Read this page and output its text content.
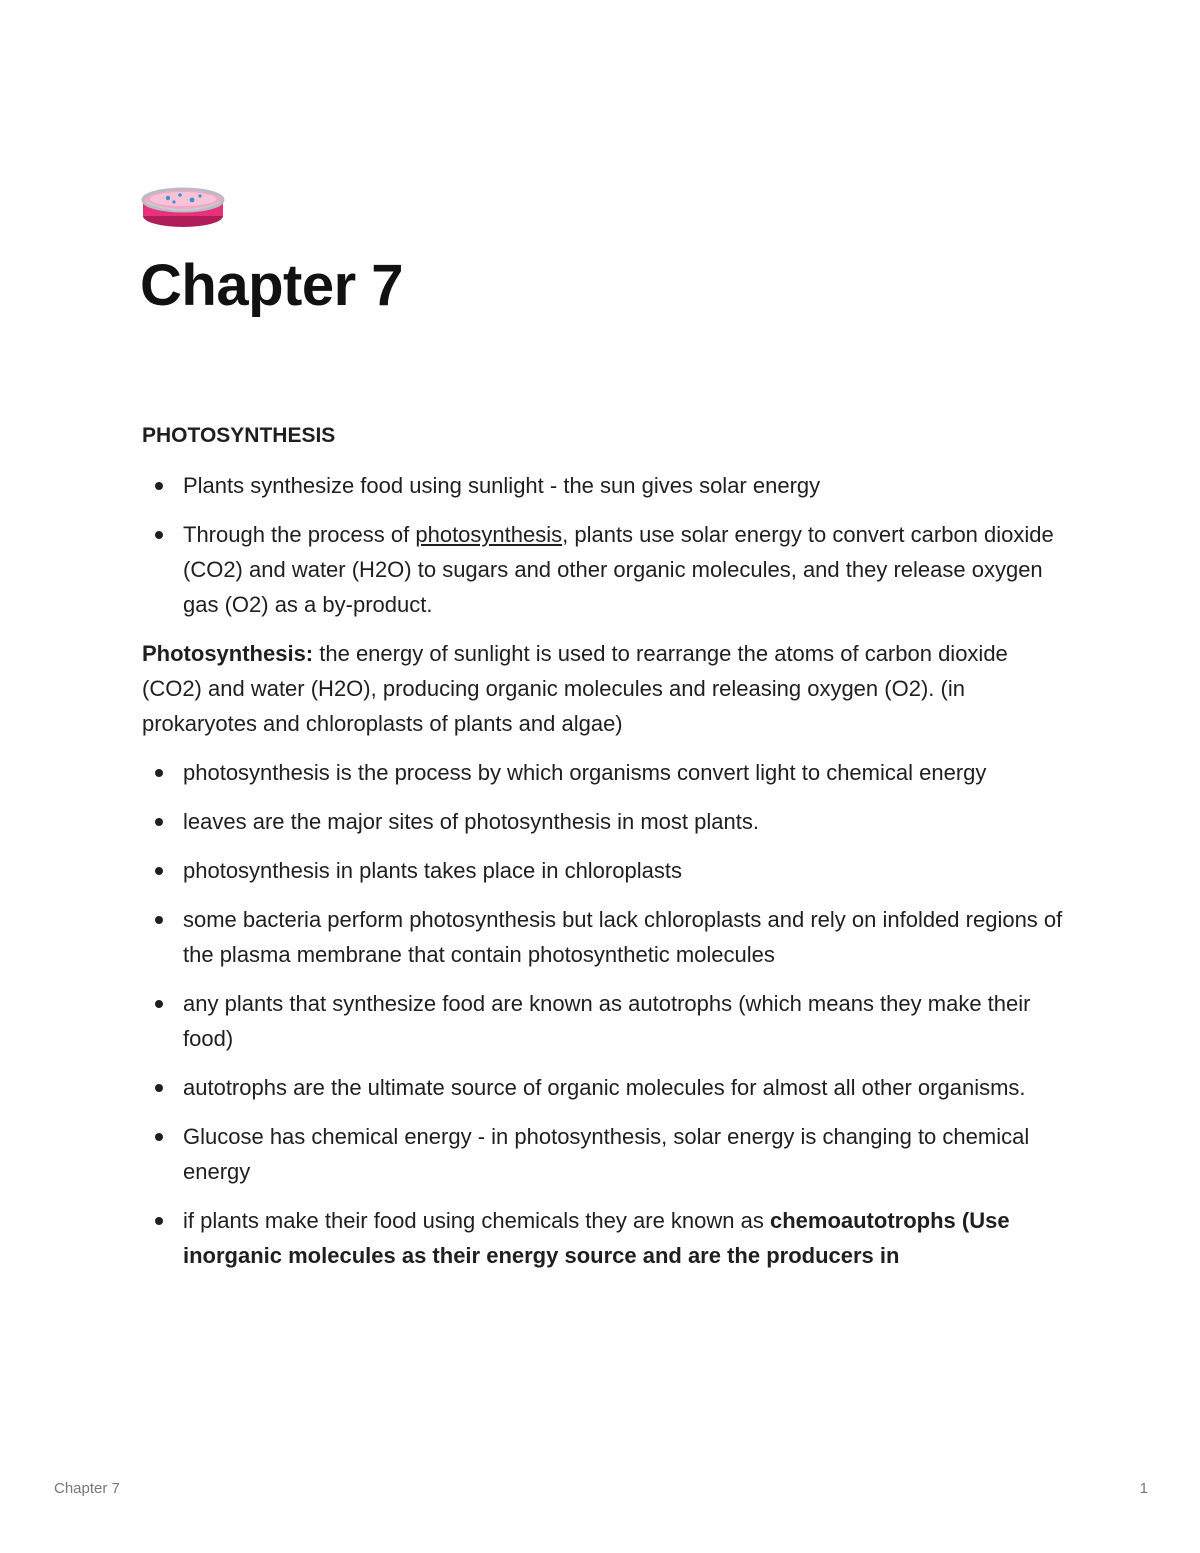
Chapter 7
PHOTOSYNTHESIS
Plants synthesize food using sunlight - the sun gives solar energy
Through the process of photosynthesis, plants use solar energy to convert carbon dioxide (CO2) and water (H2O) to sugars and other organic molecules, and they release oxygen gas (O2) as a by-product.

Photosynthesis: the energy of sunlight is used to rearrange the atoms of carbon dioxide (CO2) and water (H2O), producing organic molecules and releasing oxygen (O2). (in prokaryotes and chloroplasts of plants and algae)

photosynthesis is the process by which organisms convert light to chemical energy
leaves are the major sites of photosynthesis in most plants.
photosynthesis in plants takes place in chloroplasts
some bacteria perform photosynthesis but lack chloroplasts and rely on infolded regions of the plasma membrane that contain photosynthetic molecules
any plants that synthesize food are known as autotrophs (which means they make their food)
autotrophs are the ultimate source of organic molecules for almost all other organisms.
Glucose has chemical energy - in photosynthesis, solar energy is changing to chemical energy
if plants make their food using chemicals they are known as chemoautotrophs (Use inorganic molecules as their energy source and are the producers in
Chapter 7	1
